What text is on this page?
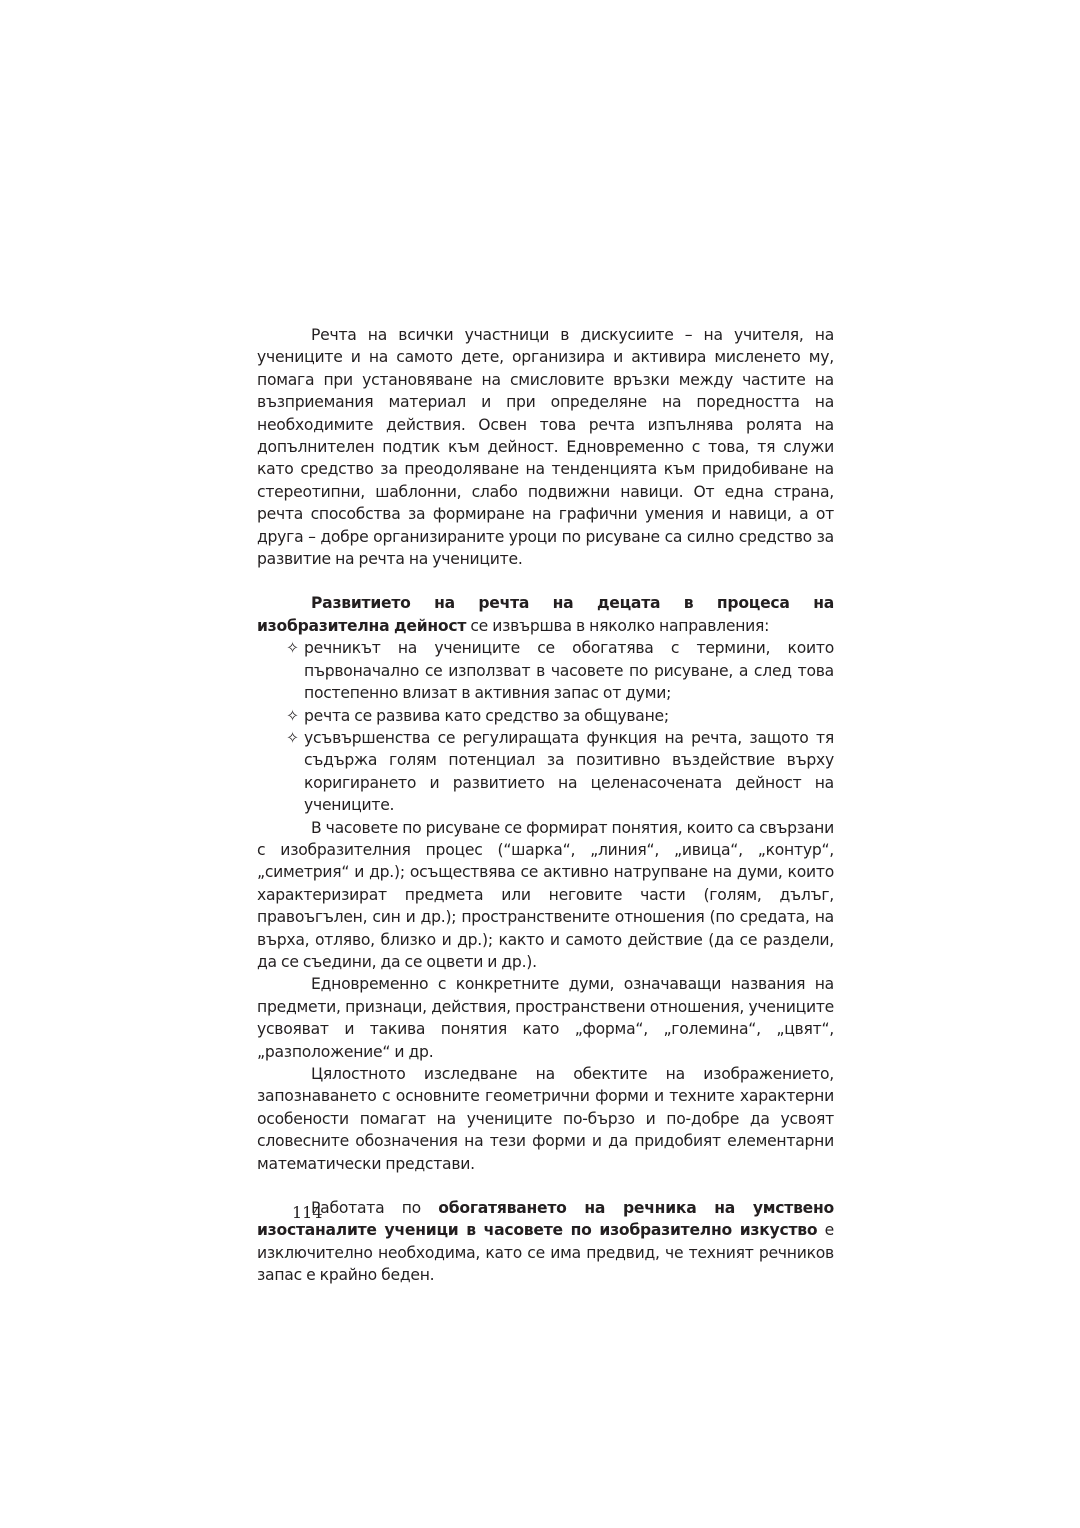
Речта на всички участници в дискусиите – на учителя, на учениците и на самото дете, организира и активира мисленето му, помага при установяване на смисловите връзки между частите на възприемания материал и при определяне на поредността на необходимите действия. Освен това речта изпълнява ролята на допълнителен подтик към дейност. Едновременно с това, тя служи като средство за преодоляване на тенденцията към придобиване на стереотипни, шаблонни, слабо подвижни навици. От една страна, речта способства за формиране на графични умения и навици, а от друга – добре организираните уроци по рисуване са силно средство за развитие на речта на учениците.

Развитието на речта на децата в процеса на изобразителна дейност се извършва в няколко направления:

✧ речникът на учениците се обогатява с термини, които първоначално се използват в часовете по рисуване, а след това постепенно влизат в активния запас от думи;
✧ речта се развива като средство за общуване;
✧ усъвършенства се регулиращата функция на речта, защото тя съдържа голям потенциал за позитивно въздействие върху коригирането и развитието на целенасочената дейност на учениците.

В часовете по рисуване се формират понятия, които са свързани с изобразителния процес (“шарка“, „линия“, „ивица“, „контур“, „симетрия“ и др.); осъществява се активно натрупване на думи, които характеризират предмета или неговите части (голям, дълъг, правоъгълен, син и др.); пространствените отношения (по средата, на върха, отляво, близко и др.); както и самото действие (да се раздели, да се съедини, да се оцвети и др.).

Едновременно с конкретните думи, означаващи названия на предмети, признаци, действия, пространствени отношения, учениците усвояват и такива понятия като „форма“, „големина“, „цвят“, „разположение“ и др.

Цялостното изследване на обектите на изображението, запознаването с основните геометрични форми и техните характерни особености помагат на учениците по-бързо и по-добре да усвоят словесните обозначения на тези форми и да придобият елементарни математически представи.

Работата по обогатяването на речника на умствено изостаналите ученици в часовете по изобразително изкуство е изключително необходима, като се има предвид, че техният речников запас е крайно беден.

114
